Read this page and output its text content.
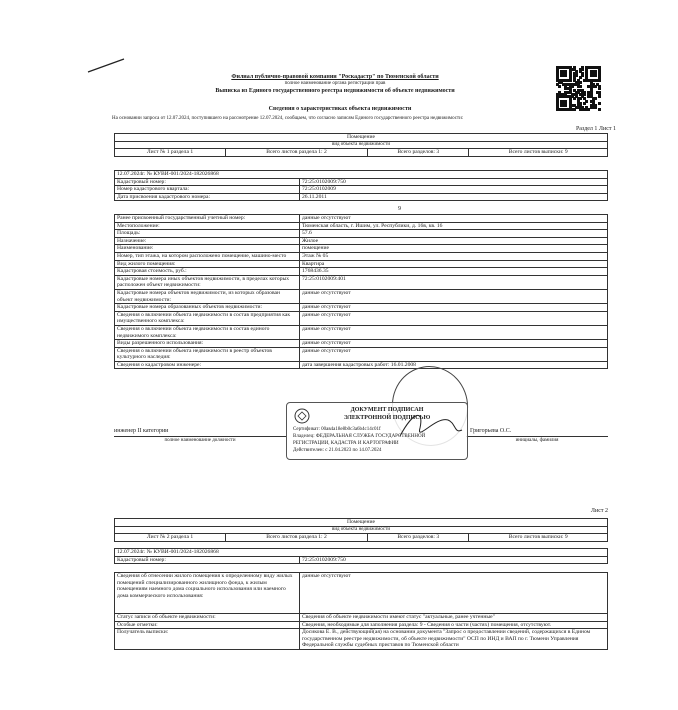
Филиал публично-правовой компании "Роскадастр" по Тюменской области
полное наименование органа регистрации прав
Выписка из Единого государственного реестра недвижимости об объекте недвижимости
Сведения о характеристиках объекта недвижимости
На основании запроса от 12.07.2024, поступившего на рассмотрение 12.07.2024, сообщаем, что согласно записям Единого государственного реестра недвижимости:
Раздел 1 Лист 1
Помещение
вид объекта недвижимости
Лист № 1 раздела 1	Всего листов раздела 1: 2	Всего разделов: 3	Всего листов выписки: 9
12.07.2024г. № КУВИ-001/2024-182026868	
Кадастровый номер:	72:25:0102009:750
Номер кадастрового квартала:	72:25:0102009
Дата присвоения кадастрового номера:	26.11.2011
9
Ранее присвоенный государственный учетный номер:	данные отсутствуют
Местоположение:	Тюменская область, г. Ишим, ул. Республики, д. 16в, кв. 16
Площадь:	57.6
Назначение:	Жилое
Наименование:	помещение
Номер, тип этажа, на котором расположено помещение, машино-место	Этаж № 05
Вид жилого помещения:	Квартира
Кадастровая стоимость, руб.:	1768436.35
Кадастровые номера иных объектов недвижимости, в пределах которых расположен объект недвижимости:	72:25:0102009:401
Кадастровые номера объектов недвижимости, из которых образован объект недвижимости:	данные отсутствуют
Кадастровые номера образованных объектов недвижимости:	данные отсутствуют
Сведения о включении объекта недвижимости в состав предприятия как имущественного комплекса:	данные отсутствуют
Сведения о включении объекта недвижимости в состав единого недвижимого комплекса:	данные отсутствуют
Виды разрешенного использования:	данные отсутствуют
Сведения о включении объекта недвижимости в реестр объектов культурного наследия:	данные отсутствуют
Сведения о кадастровом инженере:	дата завершения кадастровых работ: 16.01.2008
инженер II категории
полное наименование должности
Григорьева О.С.
инициалы, фамилия
ДОКУМЕНТ ПОДПИСАН
ЭЛЕКТРОННОЙ ПОДПИСЬЮ
Сертификат: 00ав4а18е8b0c3a6b4c14c01f
Владелец: ФЕДЕРАЛЬНАЯ СЛУЖБА ГОСУДАРСТВЕННОЙ
РЕГИСТРАЦИИ, КАДАСТРА И КАРТОГРАФИИ
Действителен: с 21.04.2023 по 14.07.2024
Лист 2
Помещение
вид объекта недвижимости
Лист № 2 раздела 1	Всего листов раздела 1: 2	Всего разделов: 3	Всего листов выписки: 9
12.07.2024г. № КУВИ-001/2024-182026868
Кадастровый номер:	72:25:0102009:750
Сведения об отнесении жилого помещения к определенному виду жилых помещений специализированного жилищного фонда, к жилым помещениям наемного дома социального использования или наемного дома коммерческого использования:	данные отсутствуют
Статус записи об объекте недвижимости:	Сведения об объекте недвижимости имеют статус "актуальные, ранее учтенные"
Особые отметки:	Сведения, необходимые для заполнения раздела: 9 - Сведения о части (частях) помещения, отсутствуют.
Получатель выписки:	Досикова Е. В., действующий(ая) на основании документа "Запрос о предоставлении сведений, содержащихся в Едином государственном реестре недвижимости, об объекте недвижимости" ОСП по ИНД и ВАП по г. Тюмени Управления Федеральной службы судебных приставов по Тюменской области
